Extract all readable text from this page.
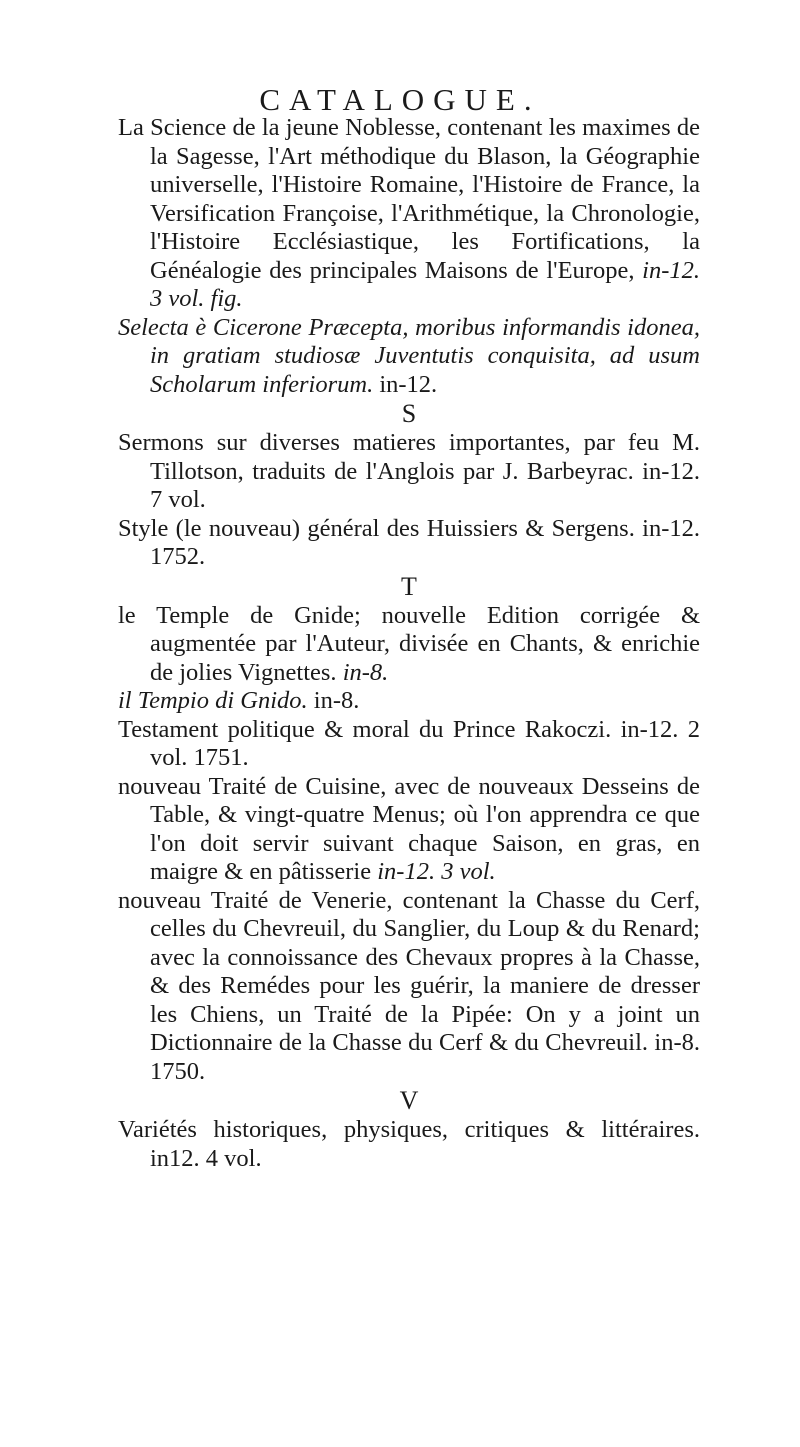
CATALOGUE.

La Science de la jeune Noblesse, contenant les maximes de la Sagesse, l'Art méthodique du Blason, la Géographie universelle, l'Histoire Romaine, l'Histoire de France, la Versification Françoise, l'Arithmétique, la Chronologie, l'Histoire Ecclésiastique, les Fortifications, la Généalogie des principales Maisons de l'Europe, in-12. 3 vol. fig.

Selecta è Cicerone Præcepta, moribus informandis idonea, in gratiam studiosæ Juventutis conquisita, ad usum Scholarum inferiorum. in-12.

S

Sermons sur diverses matieres importantes, par feu M. Tillotson, traduits de l'Anglois par J. Barbeyrac. in-12. 7 vol.

Style (le nouveau) général des Huissiers & Sergens. in-12. 1752.

T

le Temple de Gnide; nouvelle Edition corrigée & augmentée par l'Auteur, divisée en Chants, & enrichie de jolies Vignettes. in-8.

il Tempio di Gnido. in-8.

Testament politique & moral du Prince Rakoczi. in-12. 2 vol. 1751.

nouveau Traité de Cuisine, avec de nouveaux Desseins de Table, & vingt-quatre Menus; où l'on apprendra ce que l'on doit servir suivant chaque Saison, en gras, en maigre & en pâtisserie in-12. 3 vol.

nouveau Traité de Venerie, contenant la Chasse du Cerf, celles du Chevreuil, du Sanglier, du Loup & du Renard; avec la connoissance des Chevaux propres à la Chasse, & des Remédes pour les guérir, la maniere de dresser les Chiens, un Traité de la Pipée: On y a joint un Dictionnaire de la Chasse du Cerf & du Chevreuil. in-8. 1750.

V

Variétés historiques, physiques, critiques & littéraires. in12. 4 vol.
